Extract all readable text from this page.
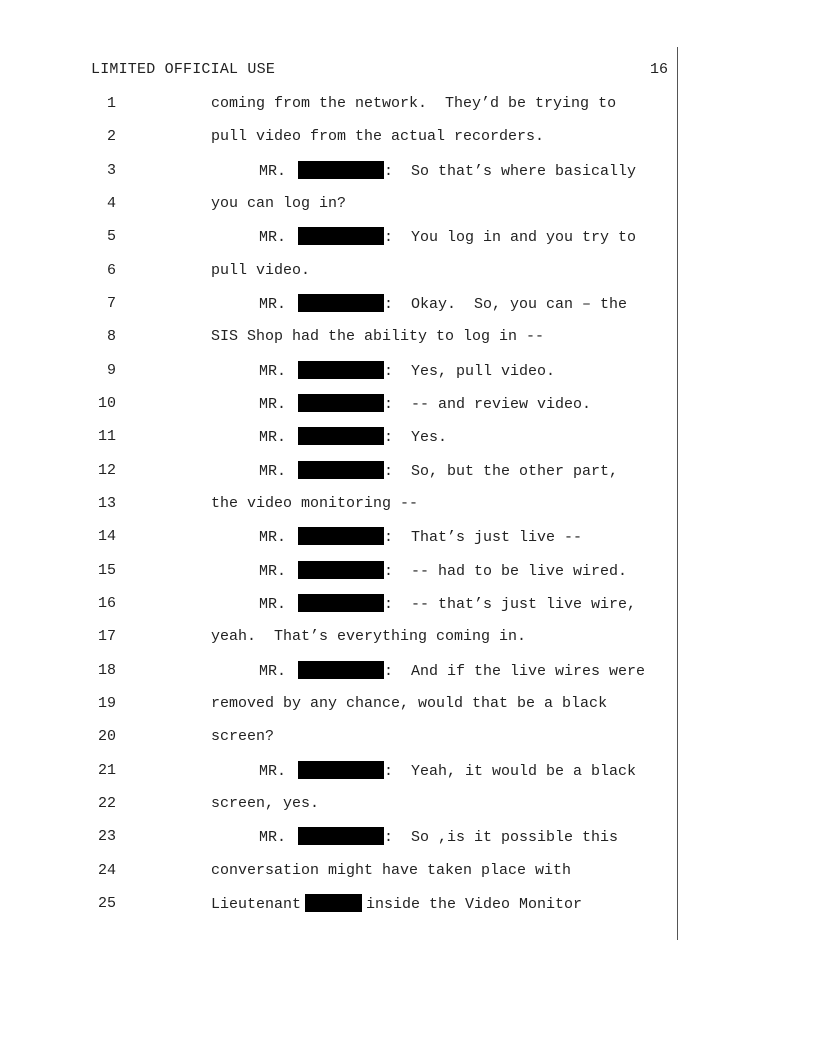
LIMITED OFFICIAL USE	16
1	coming from the network.  They’d be trying to
2	pull video from the actual recorders.
3	MR.	:  So that’s where basically
4	you can log in?
5	MR.	:  You log in and you try to
6	pull video.
7	MR.	:  Okay.  So, you can – the
8	SIS Shop had the ability to log in --
9	MR.	:  Yes, pull video.
10	MR.	:  -- and review video.
11	MR.	:  Yes.
12	MR.	:  So, but the other part,
13	the video monitoring --
14	MR.	:  That’s just live --
15	MR.	:  -- had to be live wired.
16	MR.	:  -- that’s just live wire,
17	yeah.  That’s everything coming in.
18	MR.	:  And if the live wires were
19	removed by any chance, would that be a black
20	screen?
21	MR.	:  Yeah, it would be a black
22	screen, yes.
23	MR.	:  So ,is it possible this
24	conversation might have taken place with
25	Lieutenant	inside the Video Monitor
